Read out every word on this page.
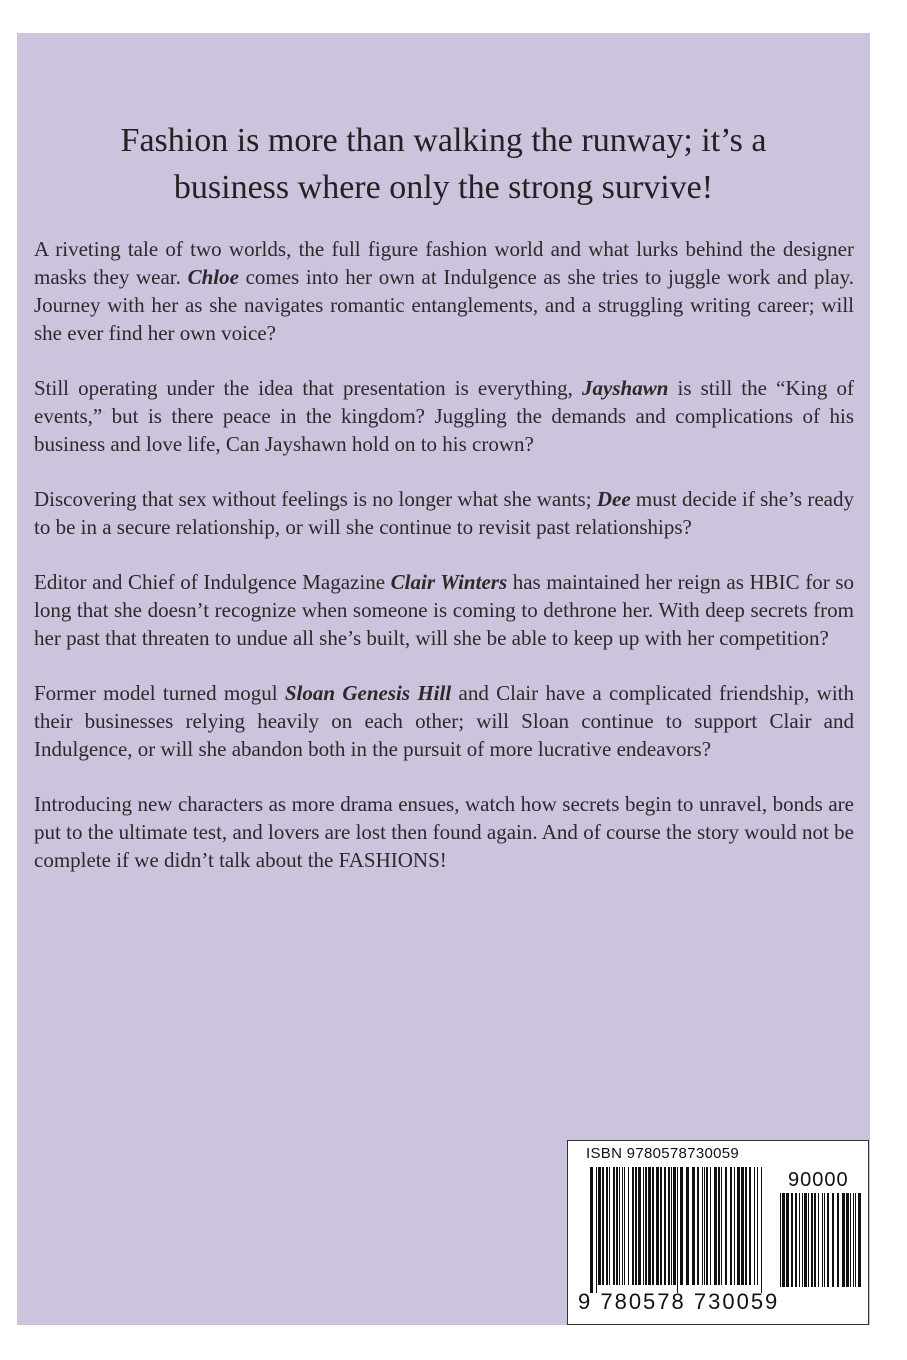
Fashion is more than walking the runway; it’s a
business where only the strong survive!

A riveting tale of two worlds, the full figure fashion world and what lurks behind the designer masks they wear. Chloe comes into her own at Indulgence as she tries to juggle work and play. Journey with her as she navigates romantic entanglements, and a struggling writing career; will she ever find her own voice?

Still operating under the idea that presentation is everything, Jayshawn is still the “King of events,” but is there peace in the kingdom? Juggling the demands and complications of his business and love life, Can Jayshawn hold on to his crown?

Discovering that sex without feelings is no longer what she wants; Dee must decide if she’s ready to be in a secure relationship, or will she continue to revisit past relationships?

Editor and Chief of Indulgence Magazine Clair Winters has maintained her reign as HBIC for so long that she doesn’t recognize when someone is coming to dethrone her. With deep secrets from her past that threaten to undue all she’s built, will she be able to keep up with her competition?

Former model turned mogul Sloan Genesis Hill and Clair have a complicated friendship, with their businesses relying heavily on each other; will Sloan continue to support Clair and Indulgence, or will she abandon both in the pursuit of more lucrative endeavors?

Introducing new characters as more drama ensues, watch how secrets begin to unravel, bonds are put to the ultimate test, and lovers are lost then found again. And of course the story would not be complete if we didn’t talk about the FASHIONS!

ISBN 9780578730059
9 780578 730059
90000
